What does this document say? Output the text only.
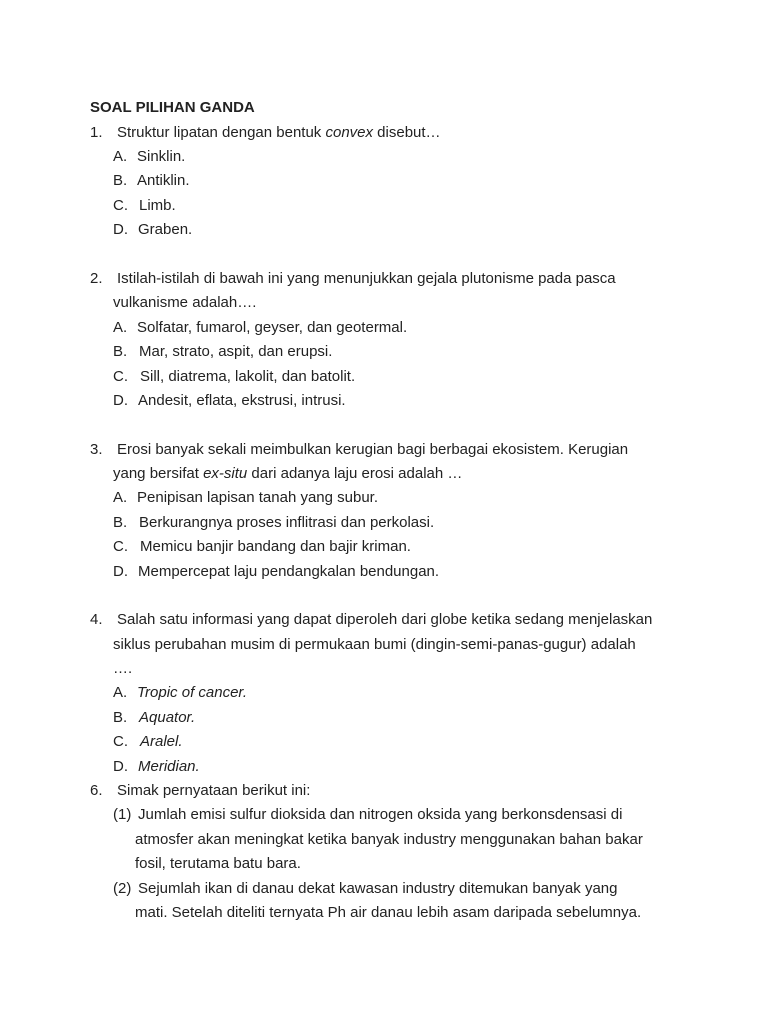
SOAL PILIHAN GANDA
1. Struktur lipatan dengan bentuk convex disebut…
A. Sinklin.
B. Antiklin.
C. Limb.
D. Graben.
2. Istilah-istilah di bawah ini yang menunjukkan gejala plutonisme pada pasca
vulkanisme adalah….
A. Solfatar, fumarol, geyser, dan geotermal.
B. Mar, strato, aspit, dan erupsi.
C. Sill, diatrema, lakolit, dan batolit.
D. Andesit, eflata, ekstrusi, intrusi.
3. Erosi banyak sekali meimbulkan kerugian bagi berbagai ekosistem. Kerugian
yang bersifat ex-situ dari adanya laju erosi adalah …
A. Penipisan lapisan tanah yang subur.
B. Berkurangnya proses inflitrasi dan perkolasi.
C. Memicu banjir bandang dan bajir kriman.
D. Mempercepat laju pendangkalan bendungan.
4. Salah satu informasi yang dapat diperoleh dari globe ketika sedang menjelaskan
siklus perubahan musim di permukaan bumi (dingin-semi-panas-gugur) adalah
….
A. Tropic of cancer.
B. Aquator.
C. Aralel.
D. Meridian.
6. Simak pernyataan berikut ini:
(1) Jumlah emisi sulfur dioksida dan nitrogen oksida yang berkonsdensasi di
atmosfer akan meningkat ketika banyak industry menggunakan bahan bakar
fosil, terutama batu bara.
(2) Sejumlah ikan di danau dekat kawasan industry ditemukan banyak yang
mati. Setelah diteliti ternyata Ph air danau lebih asam daripada sebelumnya.
